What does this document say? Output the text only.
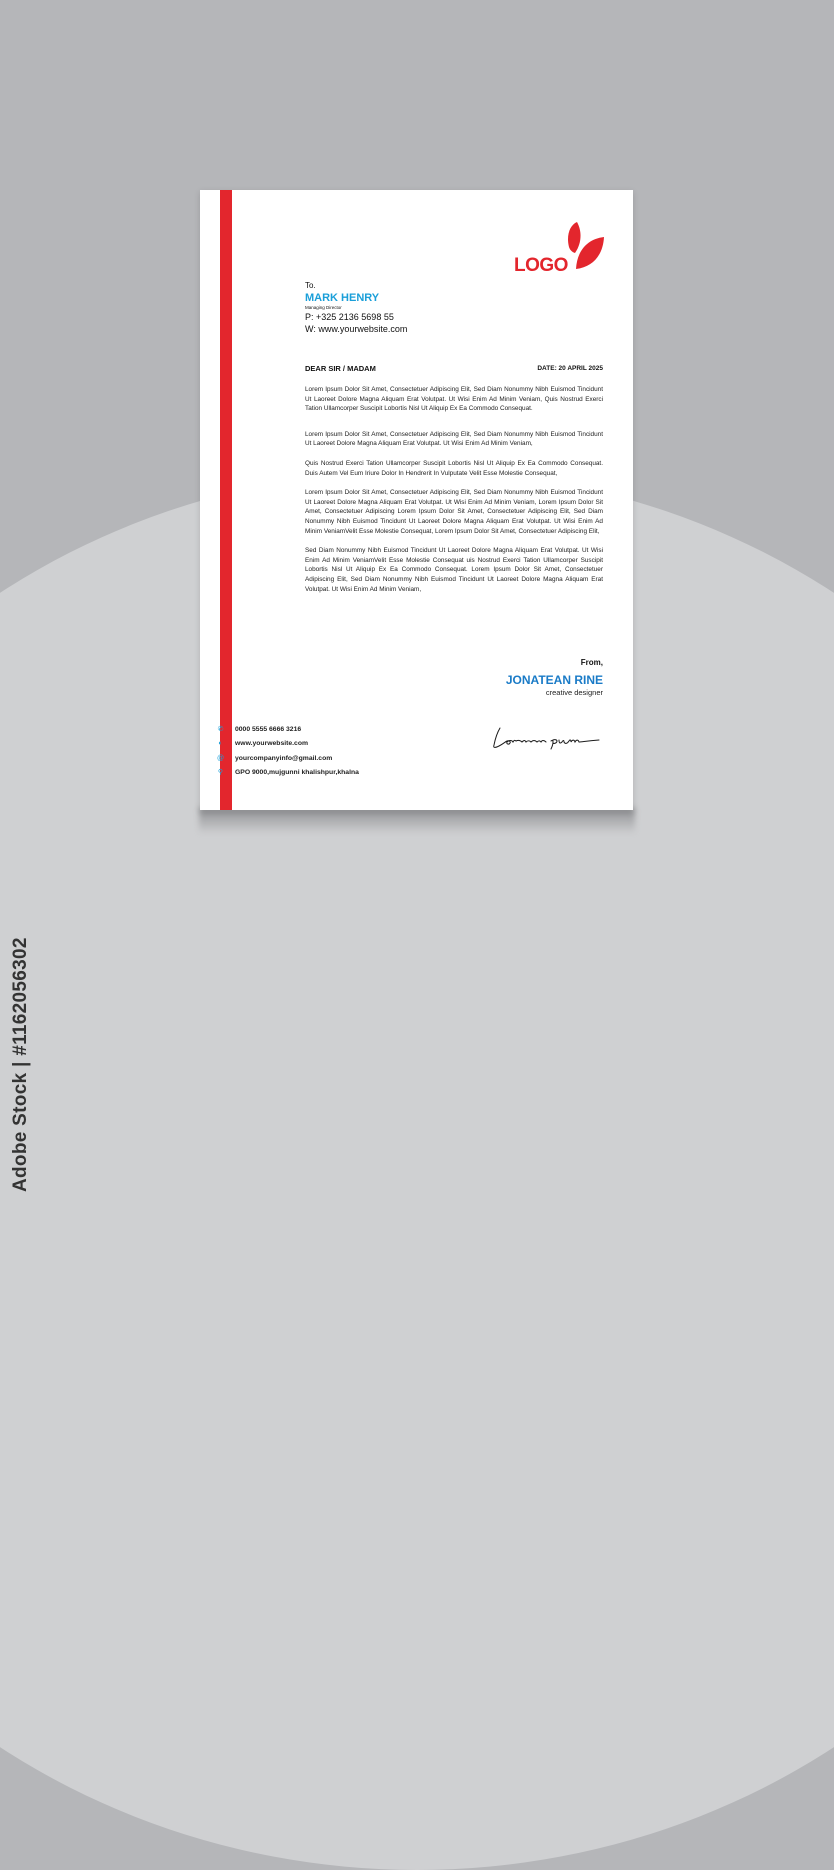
LOGO
To.
MARK HENRY
Managing Director
P: +325 2136 5698 55
W: www.yourwebsite.com
DEAR SIR / MADAM	DATE: 20 APRIL 2025

Lorem Ipsum Dolor Sit Amet, Consectetuer Adipiscing Elit, Sed Diam Nonummy Nibh Euismod Tincidunt Ut Laoreet Dolore Magna Aliquam Erat Volutpat. Ut Wisi Enim Ad Minim Veniam, Quis Nostrud Exerci Tation Ullamcorper Suscipit Lobortis Nisl Ut Aliquip Ex Ea Commodo Consequat.

Lorem Ipsum Dolor Sit Amet, Consectetuer Adipiscing Elit, Sed Diam Nonummy Nibh Euismod Tincidunt Ut Laoreet Dolore Magna Aliquam Erat Volutpat. Ut Wisi Enim Ad Minim Veniam,

Quis Nostrud Exerci Tation Ullamcorper Suscipit Lobortis Nisl Ut Aliquip Ex Ea Commodo Consequat. Duis Autem Vel Eum Iriure Dolor In Hendrerit In Vulputate Velit Esse Molestie Consequat,

Lorem Ipsum Dolor Sit Amet, Consectetuer Adipiscing Elit, Sed Diam Nonummy Nibh Euismod Tincidunt Ut Laoreet Dolore Magna Aliquam Erat Volutpat. Ut Wisi Enim Ad Minim Veniam, Lorem Ipsum Dolor Sit Amet, Consectetuer Adipiscing Lorem Ipsum Dolor Sit Amet, Consectetuer Adipiscing Elit, Sed Diam Nonummy Nibh Euismod Tincidunt Ut Laoreet Dolore Magna Aliquam Erat Volutpat. Ut Wisi Enim Ad Minim VeniamVelit Esse Molestie Consequat, Lorem Ipsum Dolor Sit Amet, Consectetuer Adipiscing Elit,

Sed Diam Nonummy Nibh Euismod Tincidunt Ut Laoreet Dolore Magna Aliquam Erat Volutpat. Ut Wisi Enim Ad Minim VeniamVelit Esse Molestie Consequat uis Nostrud Exerci Tation Ullamcorper Suscipit Lobortis Nisl Ut Aliquip Ex Ea Commodo Consequat. Lorem Ipsum Dolor Sit Amet, Consectetuer Adipiscing Elit, Sed Diam Nonummy Nibh Euismod Tincidunt Ut Laoreet Dolore Magna Aliquam Erat Volutpat. Ut Wisi Enim Ad Minim Veniam,

From,
JONATEAN RINE
creative designer
✆ 0000 5555 6666 3216
◐	www.yourwebsite.com
@ yourcompanyinfo@gmail.com
⚲ GPO 9000,mujgunni khalishpur,khalna
Adobe Stock | #1162056302
